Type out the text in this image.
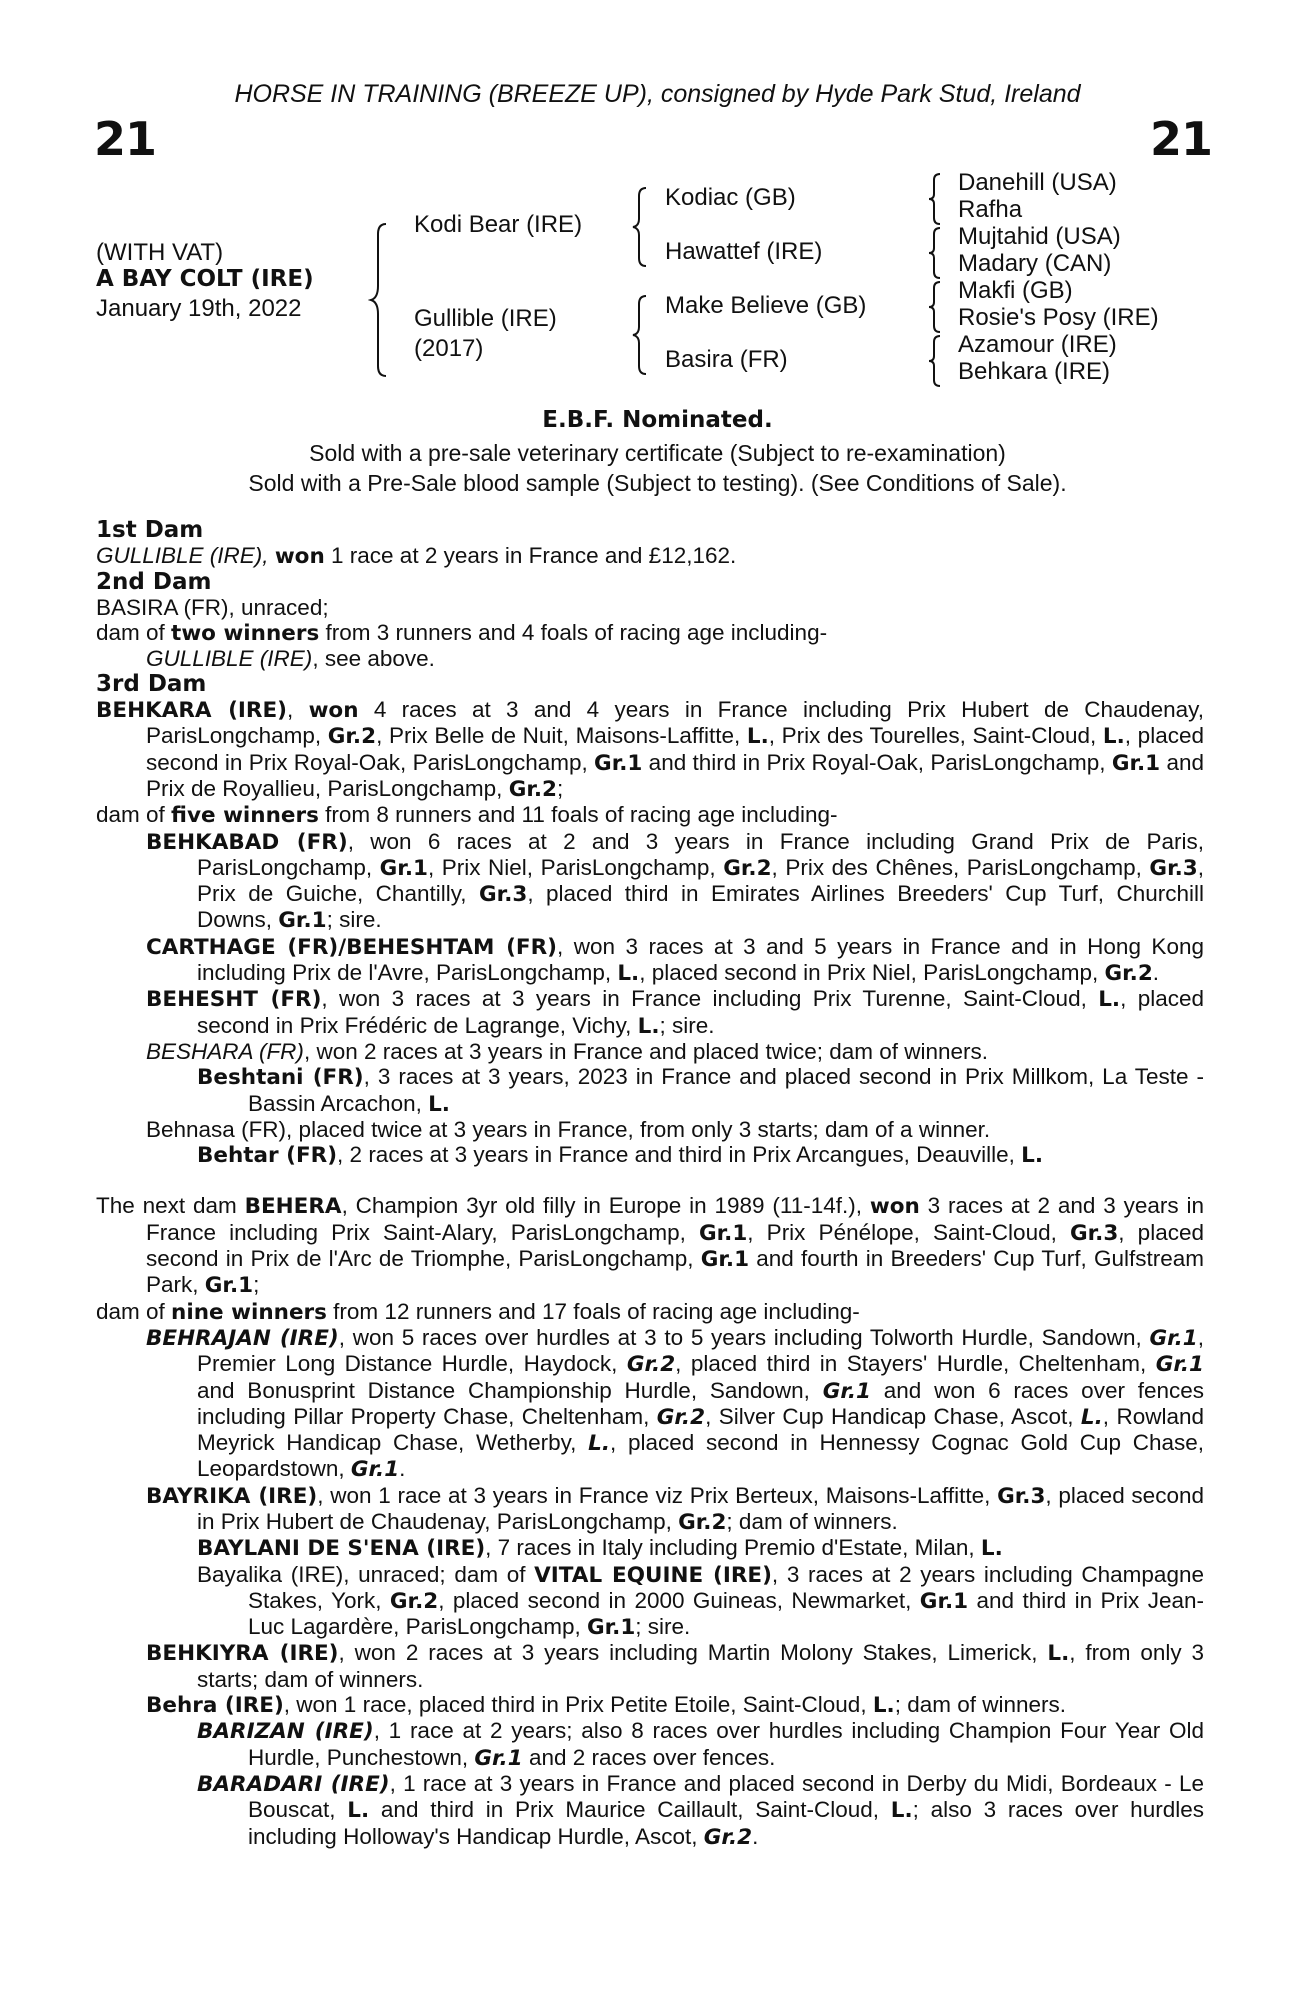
HORSE IN TRAINING (BREEZE UP), consigned by Hyde Park Stud, Ireland
21	21
(WITH VAT)
A BAY COLT (IRE)
January 19th, 2022
Kodi Bear (IRE)
Gullible (IRE)
(2017)
Kodiac (GB)
Hawattef (IRE)
Make Believe (GB)
Basira (FR)
Danehill (USA)
Rafha
Mujtahid (USA)
Madary (CAN)
Makfi (GB)
Rosie's Posy (IRE)
Azamour (IRE)
Behkara (IRE)
E.B.F. Nominated.
Sold with a pre-sale veterinary certificate (Subject to re-examination)
Sold with a Pre-Sale blood sample (Subject to testing). (See Conditions of Sale).

1st Dam

GULLIBLE (IRE), won 1 race at 2 years in France and £12,162.

2nd Dam

BASIRA (FR), unraced;

dam of two winners from 3 runners and 4 foals of racing age including-

GULLIBLE (IRE), see above.

3rd Dam

BEHKARA (IRE), won 4 races at 3 and 4 years in France including Prix Hubert de Chaudenay, ParisLongchamp, Gr.2, Prix Belle de Nuit, Maisons-Laffitte, L., Prix des Tourelles, Saint-Cloud, L., placed second in Prix Royal-Oak, ParisLongchamp, Gr.1 and third in Prix Royal-Oak, ParisLongchamp, Gr.1 and Prix de Royallieu, ParisLongchamp, Gr.2;

dam of five winners from 8 runners and 11 foals of racing age including-

BEHKABAD (FR), won 6 races at 2 and 3 years in France including Grand Prix de Paris, ParisLongchamp, Gr.1, Prix Niel, ParisLongchamp, Gr.2, Prix des Chênes, ParisLongchamp, Gr.3, Prix de Guiche, Chantilly, Gr.3, placed third in Emirates Airlines Breeders' Cup Turf, Churchill Downs, Gr.1; sire.

CARTHAGE (FR)/BEHESHTAM (FR), won 3 races at 3 and 5 years in France and in Hong Kong including Prix de l'Avre, ParisLongchamp, L., placed second in Prix Niel, ParisLongchamp, Gr.2.

BEHESHT (FR), won 3 races at 3 years in France including Prix Turenne, Saint-Cloud, L., placed second in Prix Frédéric de Lagrange, Vichy, L.; sire.

BESHARA (FR), won 2 races at 3 years in France and placed twice; dam of winners.

Beshtani (FR), 3 races at 3 years, 2023 in France and placed second in Prix Millkom, La Teste - Bassin Arcachon, L.

Behnasa (FR), placed twice at 3 years in France, from only 3 starts; dam of a winner.

Behtar (FR), 2 races at 3 years in France and third in Prix Arcangues, Deauville, L.

The next dam BEHERA, Champion 3yr old filly in Europe in 1989 (11-14f.), won 3 races at 2 and 3 years in France including Prix Saint-Alary, ParisLongchamp, Gr.1, Prix Pénélope, Saint-Cloud, Gr.3, placed second in Prix de l'Arc de Triomphe, ParisLongchamp, Gr.1 and fourth in Breeders' Cup Turf, Gulfstream Park, Gr.1;

dam of nine winners from 12 runners and 17 foals of racing age including-

BEHRAJAN (IRE), won 5 races over hurdles at 3 to 5 years including Tolworth Hurdle, Sandown, Gr.1, Premier Long Distance Hurdle, Haydock, Gr.2, placed third in Stayers' Hurdle, Cheltenham, Gr.1 and Bonusprint Distance Championship Hurdle, Sandown, Gr.1 and won 6 races over fences including Pillar Property Chase, Cheltenham, Gr.2, Silver Cup Handicap Chase, Ascot, L., Rowland Meyrick Handicap Chase, Wetherby, L., placed second in Hennessy Cognac Gold Cup Chase, Leopardstown, Gr.1.

BAYRIKA (IRE), won 1 race at 3 years in France viz Prix Berteux, Maisons-Laffitte, Gr.3, placed second in Prix Hubert de Chaudenay, ParisLongchamp, Gr.2; dam of winners.

BAYLANI DE S'ENA (IRE), 7 races in Italy including Premio d'Estate, Milan, L.

Bayalika (IRE), unraced; dam of VITAL EQUINE (IRE), 3 races at 2 years including Champagne Stakes, York, Gr.2, placed second in 2000 Guineas, Newmarket, Gr.1 and third in Prix Jean-Luc Lagardère, ParisLongchamp, Gr.1; sire.

BEHKIYRA (IRE), won 2 races at 3 years including Martin Molony Stakes, Limerick, L., from only 3 starts; dam of winners.

Behra (IRE), won 1 race, placed third in Prix Petite Etoile, Saint-Cloud, L.; dam of winners.

BARIZAN (IRE), 1 race at 2 years; also 8 races over hurdles including Champion Four Year Old Hurdle, Punchestown, Gr.1 and 2 races over fences.

BARADARI (IRE), 1 race at 3 years in France and placed second in Derby du Midi, Bordeaux - Le Bouscat, L. and third in Prix Maurice Caillault, Saint-Cloud, L.; also 3 races over hurdles including Holloway's Handicap Hurdle, Ascot, Gr.2.
